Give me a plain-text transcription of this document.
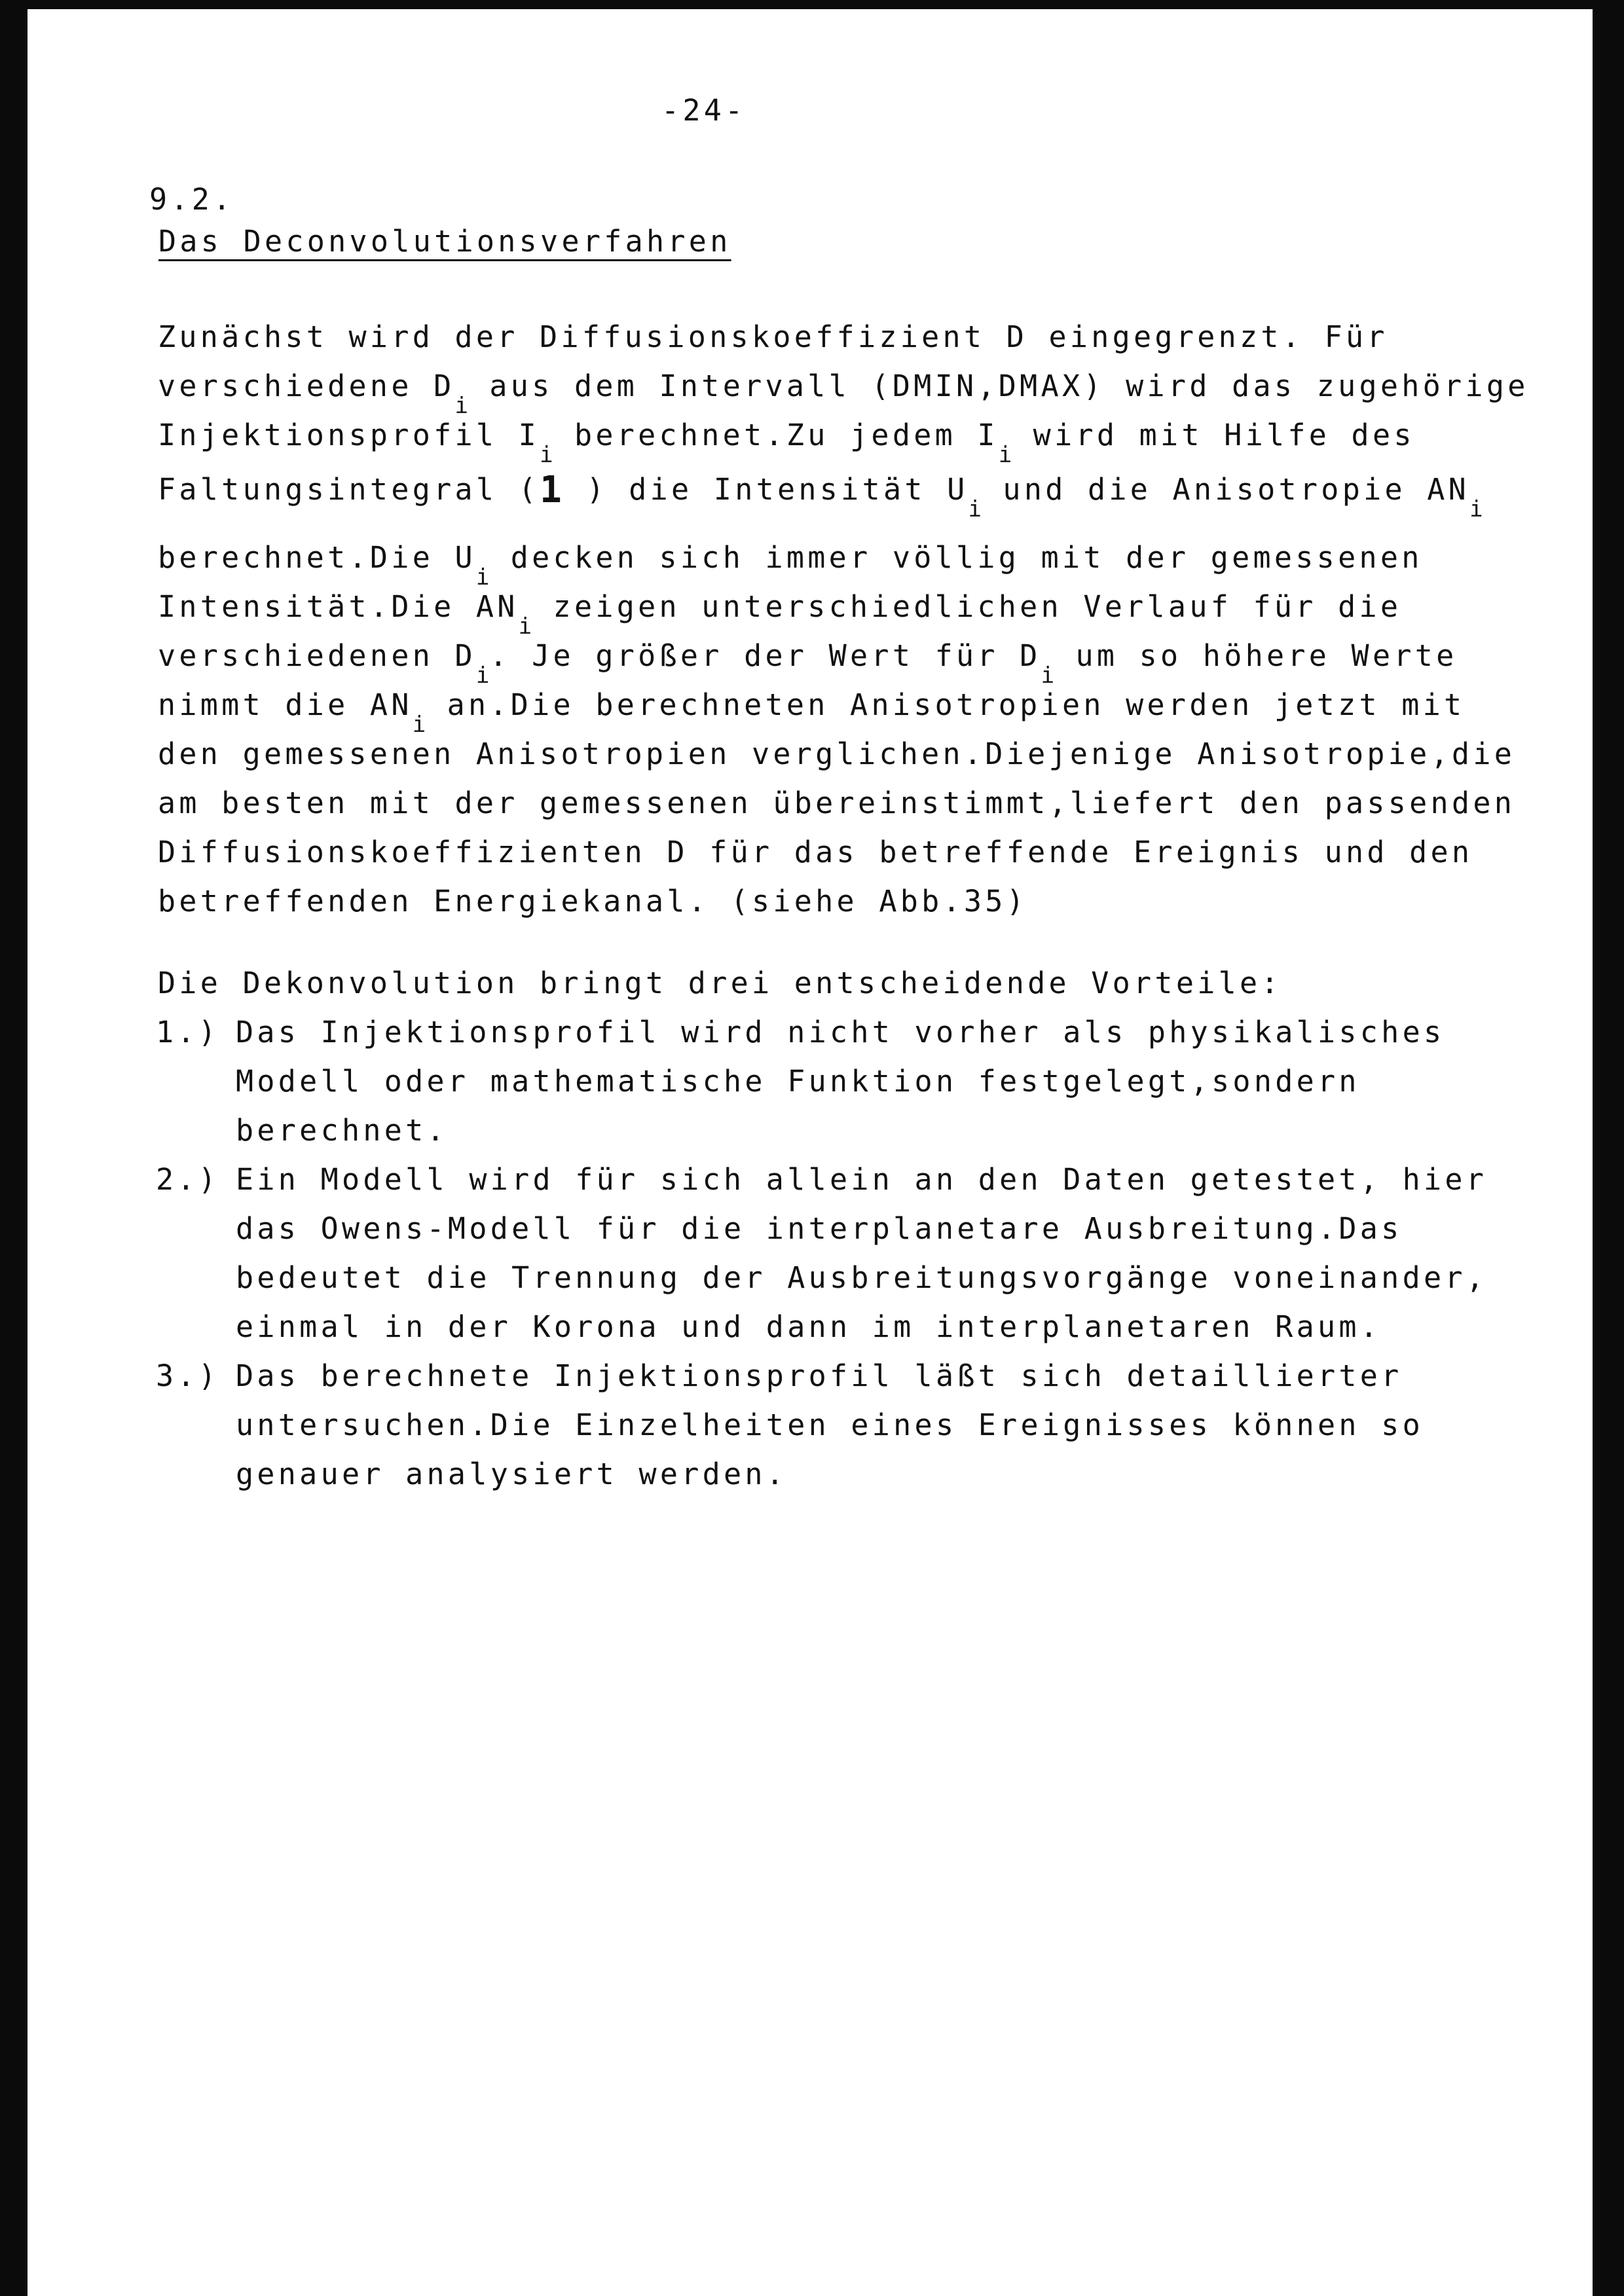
-24-
9.2.
Das Deconvolutionsverfahren
Zunächst wird der Diffusionskoeffizient D eingegrenzt. Für
verschiedene $D_i$ aus dem Intervall (DMIN,DMAX) wird das zugehörige
Injektionsprofil $I_i$ berechnet.Zu jedem $I_i$ wird mit Hilfe des
Faltungsintegral (1 ) die Intensität $U_i$ und die Anisotropie $AN_i$
berechnet.Die $U_i$ decken sich immer völlig mit der gemessenen
Intensität.Die $AN_i$ zeigen unterschiedlichen Verlauf für die
verschiedenen $D_i$. Je größer der Wert für $D_i$ um so höhere Werte
nimmt die $AN_i$ an.Die berechneten Anisotropien werden jetzt mit
den gemessenen Anisotropien verglichen.Diejenige Anisotropie,die
am besten mit der gemessenen übereinstimmt,liefert den passenden
Diffusionskoeffizienten D für das betreffende Ereignis und den
betreffenden Energiekanal. (siehe Abb.35)
Die Dekonvolution bringt drei entscheidende Vorteile:
1.) Das Injektionsprofil wird nicht vorher als physikalisches
Modell oder mathematische Funktion festgelegt,sondern
berechnet.
2.) Ein Modell wird für sich allein an den Daten getestet, hier
das Owens-Modell für die interplanetare Ausbreitung.Das
bedeutet die Trennung der Ausbreitungsvorgänge voneinander,
einmal in der Korona und dann im interplanetaren Raum.
3.) Das berechnete Injektionsprofil läßt sich detaillierter
untersuchen.Die Einzelheiten eines Ereignisses können so
genauer analysiert werden.
